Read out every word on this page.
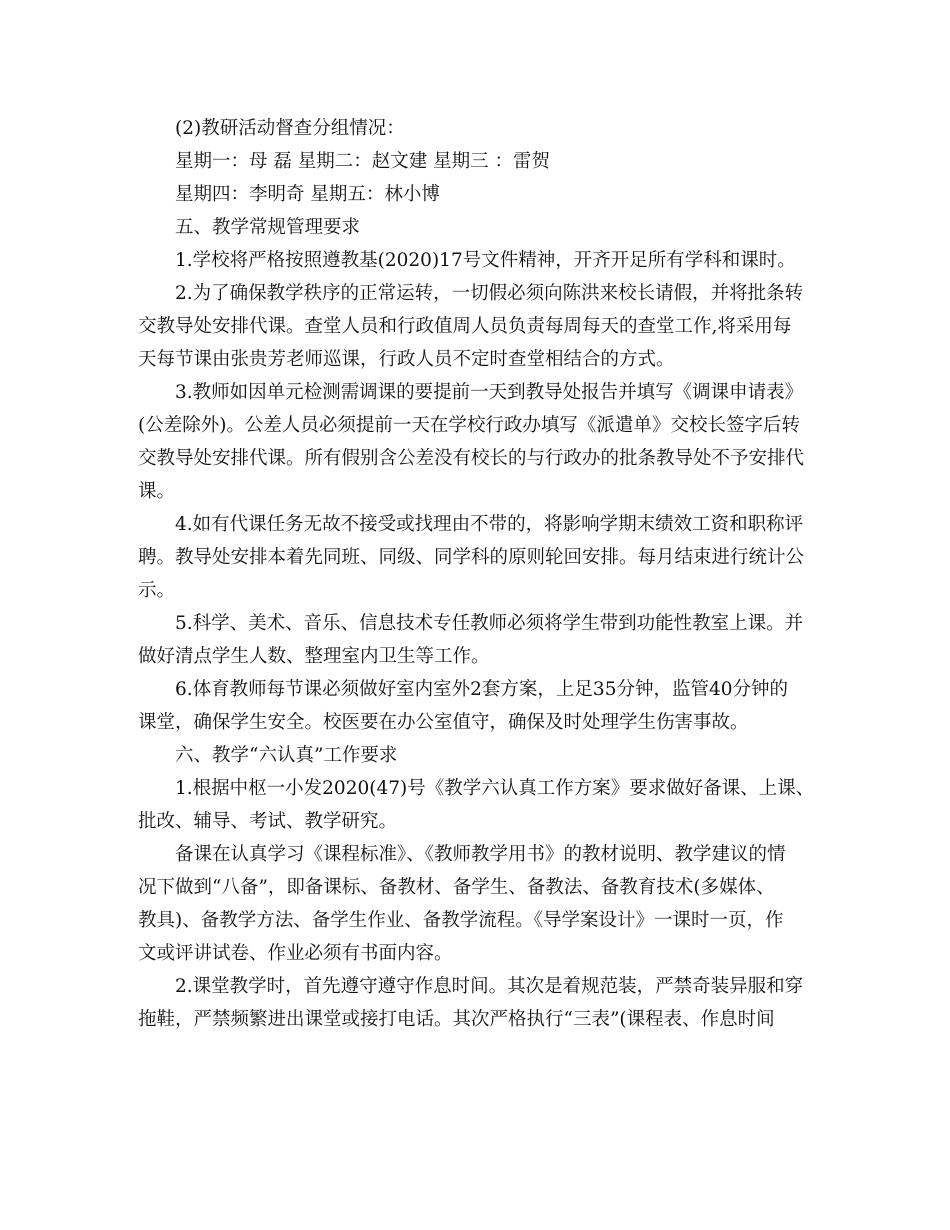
(2)教研活动督查分组情况：
星期一：母 磊 星期二：赵文建 星期三 ：雷贺
星期四：李明奇 星期五：林小博
五、教学常规管理要求
1.学校将严格按照遵教基(2020)17号文件精神，开齐开足所有学科和课时。
2.为了确保教学秩序的正常运转，一切假必须向陈洪来校长请假，并将批条转
交教导处安排代课。查堂人员和行政值周人员负责每周每天的查堂工作,将采用每
天每节课由张贵芳老师巡课，行政人员不定时查堂相结合的方式。
3.教师如因单元检测需调课的要提前一天到教导处报告并填写《调课申请表》
(公差除外)。公差人员必须提前一天在学校行政办填写《派遣单》交校长签字后转
交教导处安排代课。所有假别含公差没有校长的与行政办的批条教导处不予安排代
课。
4.如有代课任务无故不接受或找理由不带的，将影响学期末绩效工资和职称评
聘。教导处安排本着先同班、同级、同学科的原则轮回安排。每月结束进行统计公
示。
5.科学、美术、音乐、信息技术专任教师必须将学生带到功能性教室上课。并
做好清点学生人数、整理室内卫生等工作。
6.体育教师每节课必须做好室内室外2套方案，上足35分钟，监管40分钟的
课堂，确保学生安全。校医要在办公室值守，确保及时处理学生伤害事故。
六、教学“六认真”工作要求
1.根据中枢一小发2020(47)号《教学六认真工作方案》要求做好备课、上课、
批改、辅导、考试、教学研究。
备课在认真学习《课程标准》、《教师教学用书》的教材说明、教学建议的情
况下做到“八备”，即备课标、备教材、备学生、备教法、备教育技术(多媒体、
教具)、备教学方法、备学生作业、备教学流程。《导学案设计》一课时一页，作
文或评讲试卷、作业必须有书面内容。
2.课堂教学时，首先遵守遵守作息时间。其次是着规范装，严禁奇装异服和穿
拖鞋，严禁频繁进出课堂或接打电话。其次严格执行“三表”(课程表、作息时间
